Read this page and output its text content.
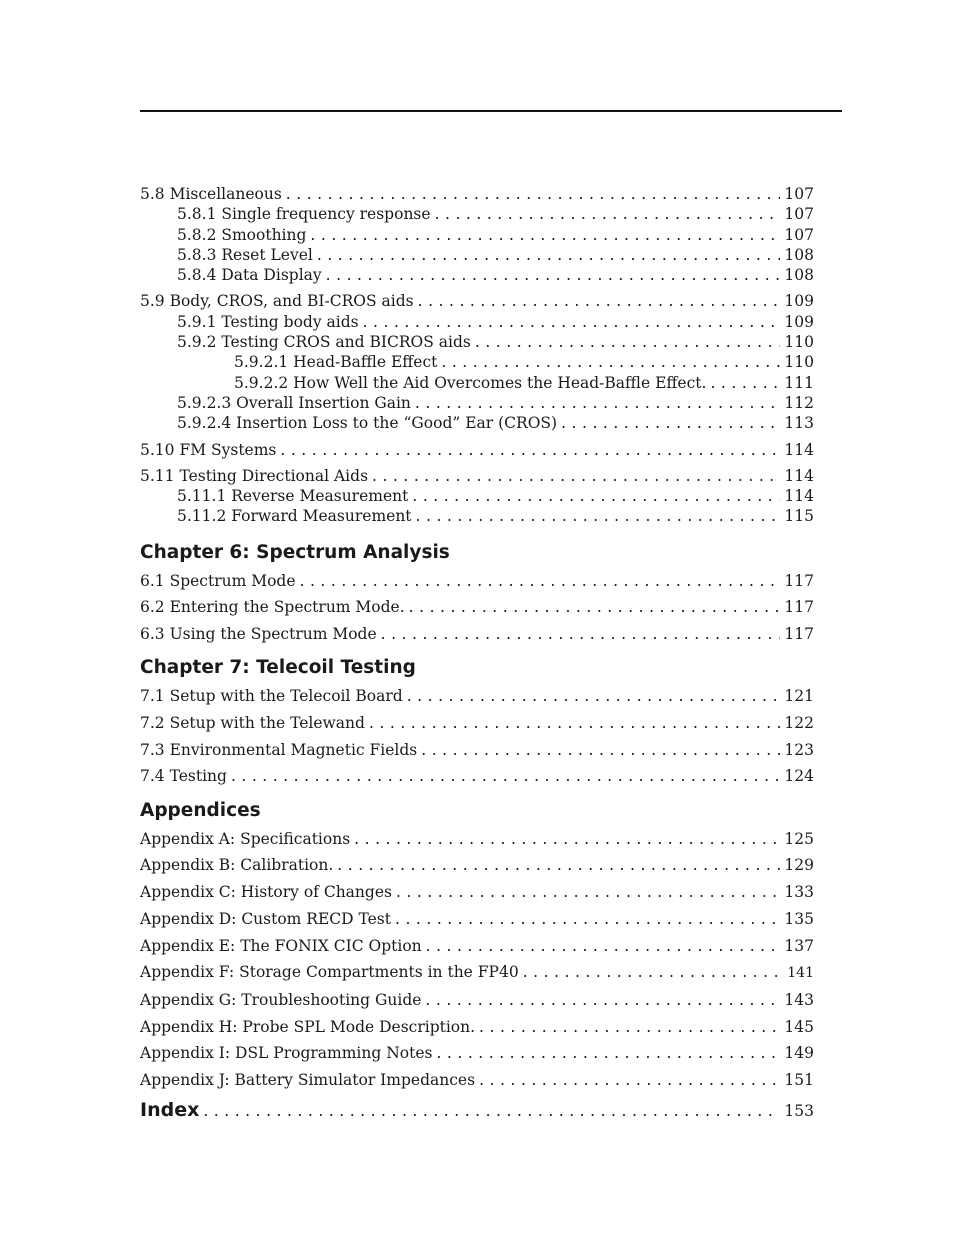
5.8 Miscellaneous . . .	107
5.8.1 Single frequency response . . .	107
5.8.2 Smoothing . . .	107
5.8.3 Reset Level . . .	108
5.8.4 Data Display . . .	108
5.9 Body, CROS, and BI-CROS aids . . .	109
5.9.1 Testing body aids . . .	109
5.9.2 Testing CROS and BICROS aids . . .	110
5.9.2.1 Head-Baffle Effect . . .	110
5.9.2.2 How Well the Aid Overcomes the Head-Baffle Effect. . . .	111
5.9.2.3 Overall Insertion Gain . . .	112
5.9.2.4 Insertion Loss to the “Good” Ear (CROS) . . .	113
5.10 FM Systems . . .	114
5.11 Testing Directional Aids . . .	114
5.11.1 Reverse Measurement . . .	114
5.11.2 Forward Measurement . . .	115
Chapter 6: Spectrum Analysis
6.1 Spectrum Mode . . .	117
6.2 Entering the Spectrum Mode. . . .	117
6.3 Using the Spectrum Mode . . .	117
Chapter 7: Telecoil Testing
7.1 Setup with the Telecoil Board . . .	121
7.2 Setup with the Telewand . . .	122
7.3 Environmental Magnetic Fields . . .	123
7.4 Testing . . .	124
Appendices
Appendix A: Specifications . . .	125
Appendix B: Calibration. . . .	129
Appendix C: History of Changes . . .	133
Appendix D: Custom RECD Test . . .	135
Appendix E: The FONIX CIC Option . . .	137
Appendix F: Storage Compartments in the FP40 . . .	141
Appendix G: Troubleshooting Guide . . .	143
Appendix H: Probe SPL Mode Description. . . .	145
Appendix I: DSL Programming Notes . . .	149
Appendix J: Battery Simulator Impedances . . .	151
Index . . .	153
